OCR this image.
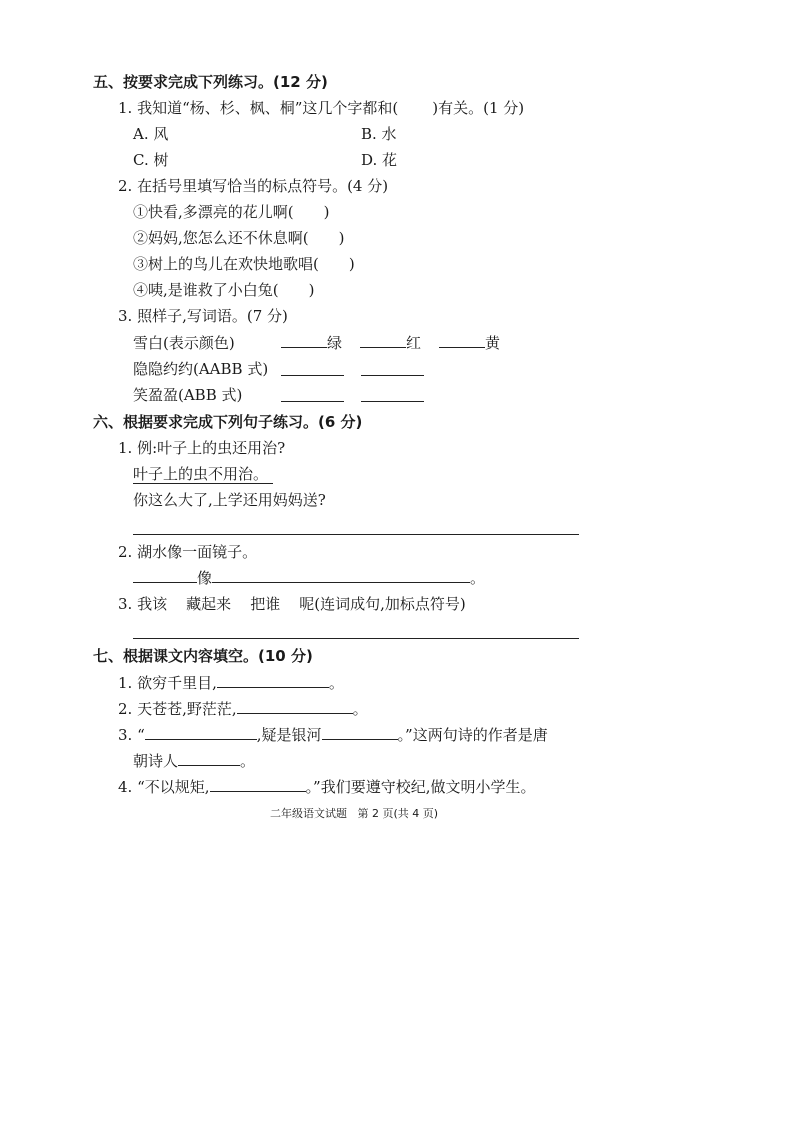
五、按要求完成下列练习。(12 分)
1. 我知道“杨、杉、枫、桐”这几个字都和( )有关。(1 分)
A. 风	B. 水
C. 树	D. 花
2. 在括号里填写恰当的标点符号。(4 分)
①快看,多漂亮的花儿啊( )
②妈妈,您怎么还不休息啊( )
③树上的鸟儿在欢快地歌唱( )
④咦,是谁救了小白兔( )
3. 照样子,写词语。(7 分)
雪白(表示颜色)	绿	红	黄
隐隐约约(AABB 式)
笑盈盈(ABB 式)
六、根据要求完成下列句子练习。(6 分)
1. 例:叶子上的虫还用治?
叶子上的虫不用治。
你这么大了,上学还用妈妈送?
2. 湖水像一面镜子。
像	。
3. 我该    藏起来    把谁    呢(连词成句,加标点符号)
七、根据课文内容填空。(10 分)
1. 欲穷千里目,	。
2. 天苍苍,野茫茫,	。
3. “	,疑是银河	。”这两句诗的作者是唐
朝诗人	。
4. “不以规矩,	。”我们要遵守校纪,做文明小学生。
二年级语文试题   第 2 页(共 4 页)
